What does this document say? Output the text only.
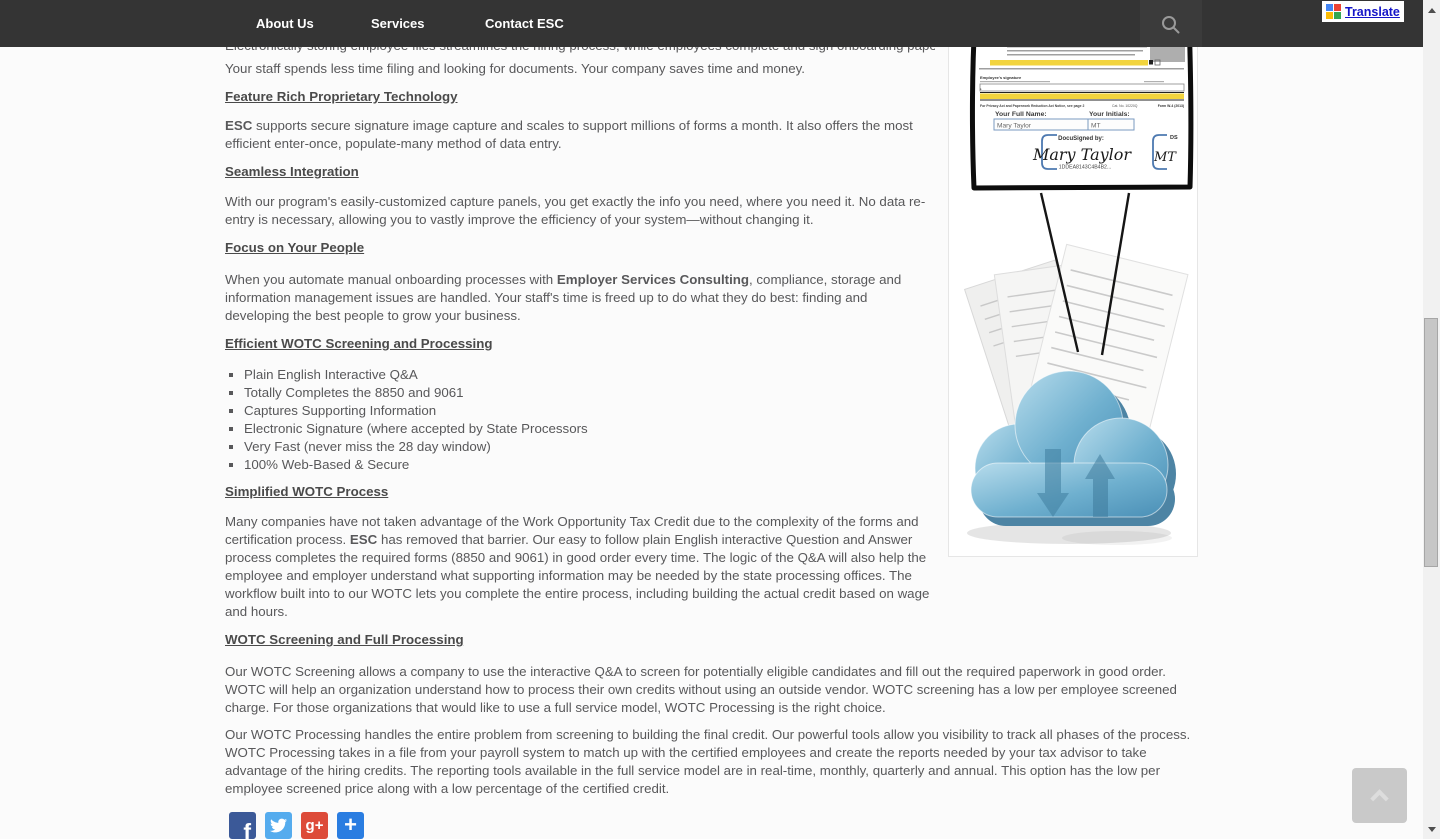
Your staff spends less time filing and looking for documents. Your company saves time and money.

Feature Rich Proprietary Technology

ESC supports secure signature image capture and scales to support millions of forms a month. It also offers the most efficient enter-once, populate-many method of data entry.

Seamless Integration

With our program's easily-customized capture panels, you get exactly the info you need, where you need it. No data re-entry is necessary, allowing you to vastly improve the efficiency of your system—without changing it.

Focus on Your People

When you automate manual onboarding processes with Employer Services Consulting, compliance, storage and information management issues are handled. Your staff's time is freed up to do what they do best: finding and developing the best people to grow your business.

Efficient WOTC Screening and Processing
▪ Plain English Interactive Q&A
▪ Totally Completes the 8850 and 9061
▪ Captures Supporting Information
▪ Electronic Signature (where accepted by State Processors
▪ Very Fast (never miss the 28 day window)
▪ 100% Web-Based & Secure
Simplified WOTC Process

Many companies have not taken advantage of the Work Opportunity Tax Credit due to the complexity of the forms and certification process. ESC has removed that barrier. Our easy to follow plain English interactive Question and Answer process completes the required forms (8850 and 9061) in good order every time. The logic of the Q&A will also help the employee and employer understand what supporting information may be needed by the state processing offices. The workflow built into to our WOTC lets you complete the entire process, including building the actual credit based on wage and hours.

WOTC Screening and Full Processing

Our WOTC Screening allows a company to use the interactive Q&A to screen for potentially eligible candidates and fill out the required paperwork in good order. WOTC will help an organization understand how to process their own credits without using an outside vendor. WOTC screening has a low per employee screened charge. For those organizations that would like to use a full service model, WOTC Processing is the right choice.

Our WOTC Processing handles the entire problem from screening to building the final credit. Our powerful tools allow you visibility to track all phases of the process. WOTC Processing takes in a file from your payroll system to match up with the certified employees and create the reports needed by your tax advisor to take advantage of the hiring credits. The reporting tools available in the full service model are in real-time, monthly, quarterly and annual. This option has the low per employee screened price along with a low percentage of the certified credit.

f	g+ +
Employee's signature
▸
For Privacy Act and Paperwork Reduction Act Notice, see page 2	Cat. No. 10220Q	Form W-4 (2013)
Your Full Name:
Mary Taylor
Your Initials:
MT
DocuSigned by:
Mary Taylor
1DDEA8143C4B4B2...
DS
MT
About Us	Services	Contact ESC
Translate
